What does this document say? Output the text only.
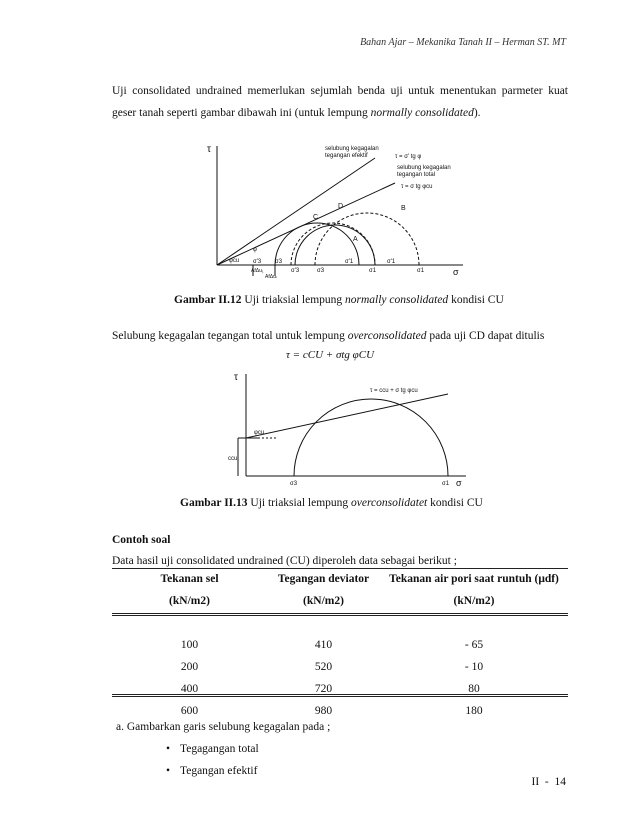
Bahan Ajar – Mekanika Tanah II – Herman ST. MT
Uji consolidated undrained memerlukan sejumlah benda uji untuk menentukan parmeter kuat
geser tanah seperti gambar dibawah ini (untuk lempung normally consolidated).
τ
σ
selubung kegagalan
tegangan efektif	τ = σ' tg φ
selubung kegagalan
tegangan total
τ = σ tg φcu
A
B
C
D
φcu
φ
σ'3 σ3
σ'3	σ3
σ'1
σ1
σ'1
σ1
AfΔu₁
AfΔu₁
Gambar II.12 Uji triaksial lempung normally consolidated kondisi CU
Selubung kegagalan tegangan total untuk lempung overconsolidated pada uji CD dapat ditulis
τ = cCU + σtg φCU
τ
σ
τ = ccu + σ tg φcu
φcu
ccu
σ3	σ1
Gambar II.13 Uji triaksial lempung overconsolidatet kondisi CU
Contoh soal
Data hasil uji consolidated undrained (CU) diperoleh data sebagai berikut ;
Tekanan sel	Tegangan deviator	Tekanan air pori saat runtuh (μdf)
(kN/m2)	(kN/m2)	(kN/m2)

100	410	- 65
200	520	- 10
400	720	80
600	980	180
a. Gambarkan garis selubung kegagalan pada ;
• Tegagangan total
• Tegangan efektif
II  -  14
